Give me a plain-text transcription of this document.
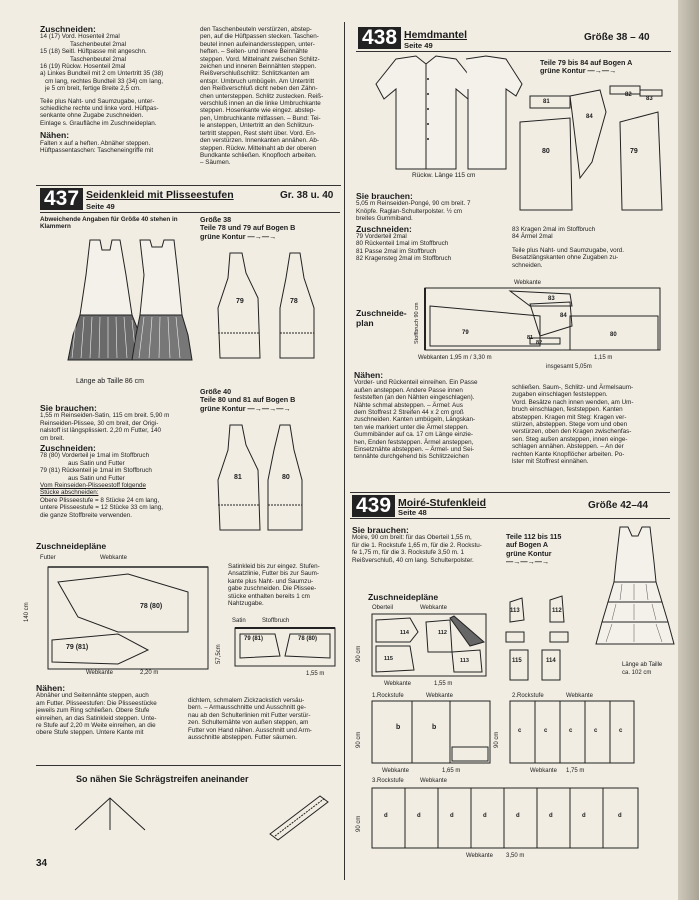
Zuschneiden:
14 (17) Vord. Hosenteil 2mal
Taschenbeutel 2mal
15 (18) Seitl. Hüftpasse mit angeschn.
Taschenbeutel 2mal
16 (19) Rückw. Hosenteil 2mal
a) Linkes Bundteil mit 2 cm Untertritt 35 (38)
cm lang, rechtes Bundteil 33 (34) cm lang,
je 5 cm breit, fertige Breite 2,5 cm.
Teile plus Naht- und Saumzugabe, unter-
schiedliche rechte und linke vord. Hüftpas-
senkante ohne Zugabe zuschneiden.
Einlage s. Graufläche im Zuschneideplan.
Nähen:
Falten x auf a heften. Abnäher steppen.
Hüftpassentaschen: Tascheneingriffe mit
den Taschenbeuteln verstürzen, abstep-
pen, auf die Hüftpassen stecken. Taschen-
beutel innen aufeinanderssteppen, unter-
heften. – Seiten- und innere Beinnähte
steppen. Vord. Mittelnaht zwischen Schlitz-
zeichen und inneren Beinnähten steppen.
Reißverschlußschlitz: Schlitzkanten am
entspr. Umbruch umbügeln. Am Untertritt
den Reißverschluß dicht neben den Zähn-
chen untersteppen. Schlitz zustecken. Reiß-
verschluß innen an die linke Umbruchkante
steppen. Hosenkante wie eingez. abstep-
pen, Umbruchkante mitfassen. – Bund: Tei-
le ansteppen, Untertritt an den Schlitzun-
tertritt steppen, Rest steht über. Vord. En-
den verstürzen. Innenkanten annähen. Ab-
steppen. Rückw. Mittelnaht ab der oberen
Bundkante schließen. Knopfloch arbeiten.
– Säumen.
437 Seidenkleid mit Plisseestufen
Seite 49
Gr. 38 u. 40
Abweichende Angaben für Größe 40 stehen in Klammern
Länge ab Taille 86 cm
Größe 38
Teile 78 und 79 auf Bogen B
grüne Kontur ―→―→
79	78
Größe 40
Teile 80 und 81 auf Bogen B
grüne Kontur ―→―→―→
81	80
Sie brauchen:
1,55 m Reinseiden-Satin, 115 cm breit. 5,90 m
Reinseiden-Plissee, 30 cm breit, der Origi-
nalstoff ist längsplissiert. 2,20 m Futter, 140
cm breit.
Zuschneiden:
78 (80) Vorderteil je 1mal im Stoffbruch
aus Satin und Futter
79 (81) Rückenteil je 1mal im Stoffbruch
aus Satin und Futter
Vom Reinseiden-Plisseestoff folgende
Stücke abschneiden:
Obere Plisseestufe = 8 Stücke 24 cm lang,
untere Plisseestufe = 12 Stücke 33 cm lang,
die ganze Stoffbreite verwenden.
Zuschneidepläne
Futter	Webkante
140 cm	78 (80)
79 (81)
Webkante	2,20 m
Satinkleid bis zur eingez. Stufen-
Ansatzlinie, Futter bis zur Saum-
kante plus Naht- und Saumzu-
gabe zuschneiden. Die Plissee-
stücke enthalten bereits 1 cm
Nahtzugabe.
Satin	Stoffbruch
79 (81)	78 (80)
57,5cm
1,55 m
Nähen:
Abnäher und Seitennähte steppen, auch
am Futter. Plisseestufen: Die Plisseestücke
jeweils zum Ring schließen. Obere Stufe
einreihen, an das Satinkleid steppen. Unte-
re Stufe auf 2,20 m Weite einreihen, an die
obere Stufe steppen. Untere Kante mit
dichtem, schmalem Zickzackstich versäu-
bern. – Armausschnitte und Ausschnitt ge-
nau ab den Schulterlinien mit Futter verstür-
zen. Schulternähte von außen steppen, am
Futter von Hand nähen. Ausschnitt und Arm-
ausschnitte absteppen. Futter säumen.
So nähen Sie Schrägstreifen aneinander
34
438 Hemdmantel
Seite 49
Größe 38 – 40
Rückw. Länge 115 cm
Teile 79 bis 84 auf Bogen A
grüne Kontur ―→―→
81
84
82
83
80	79
Sie brauchen:
5,05 m Reinseiden-Pongé, 90 cm breit. 7
Knöpfe. Raglan-Schulterpolster. ½ cm
breites Gummiband.
Zuschneiden:
79 Vorderteil 2mal
80 Rückenteil 1mal im Stoffbruch
81 Passe 2mal im Stoffbruch
82 Kragensteg 2mal im Stoffbruch
83 Kragen 2mal im Stoffbruch
84 Ärmel 2mal
Teile plus Naht- und Saumzugabe, vord.
Besatzlängskanten ohne Zugaben zu-
schneiden.
Zuschneide-
plan
Webkante
83
84
79	80
82
81
Stoffbruch 90 cm
Webkanten 1,95 m / 3,30 m	1,15 m
insgesamt 5,05m
Nähen:
Vorder- und Rückenteil einreihen. Ein Passe
außen ansteppen. Andere Passe innen
feststeften (an den Nähten eingeschlagen).
Nähte schmal absteppen. – Ärmel: Aus
dem Stoffrest 2 Streifen 44 x 2 cm groß
zuschneiden. Kanten umbügeln, Längskan-
ten wie markiert unter die Ärmel steppen.
Gummibänder auf ca. 17 cm Länge einzie-
hen, Enden feststeppen. Ärmel ansteppen,
Einsetznähte absteppen. – Ärmel- und Sei-
tennähte durchgehend bis Schlitzzeichen
schließen. Saum-, Schlitz- und Ärmelsaum-
zugaben einschlagen feststeppen.
Vord. Besätze nach innen wenden, am Um-
bruch einschlagen, feststeppen. Kanten
absteppen. Kragen mit Steg: Kragen ver-
stürzen, absteppen. Stege vom und oben
verstürzen, oben den Kragen zwischenfas-
sen. Steg außen ansteppen, innen einge-
schlagen annähen. Absteppen. – An der
rechten Kante Knopflöcher arbeiten. Po-
lster mit Stoffrest einnähen.
439 Moiré-Stufenkleid
Seite 48
Größe 42–44
Sie brauchen:
Moire, 90 cm breit: für das Oberteil 1,55 m,
für die 1. Rockstufe 1,65 m, für die 2. Rockstu-
fe 1,75 m, für die 3. Rockstufe 3,50 m. 1
Reißverschluß, 40 cm lang. Schulterpolster.
Teile 112 bis 115
auf Bogen A
grüne Kontur
―→―→―→
Länge ab Taille
ca. 102 cm
Zuschneidepläne
Oberteil	Webkante
112
114
113
115
90 cm
Webkante	1,55 m
113	112
115	114
1.Rockstufe	Webkante
b	b
90 cm
Webkante	1,65 m
2.Rockstufe	Webkante
c	c	c	c	c
90 cm
Webkante 1,75 m
3.Rockstufe	Webkante
d	d	d	d	d	d	d	d
90 cm
Webkante 3,50 m
